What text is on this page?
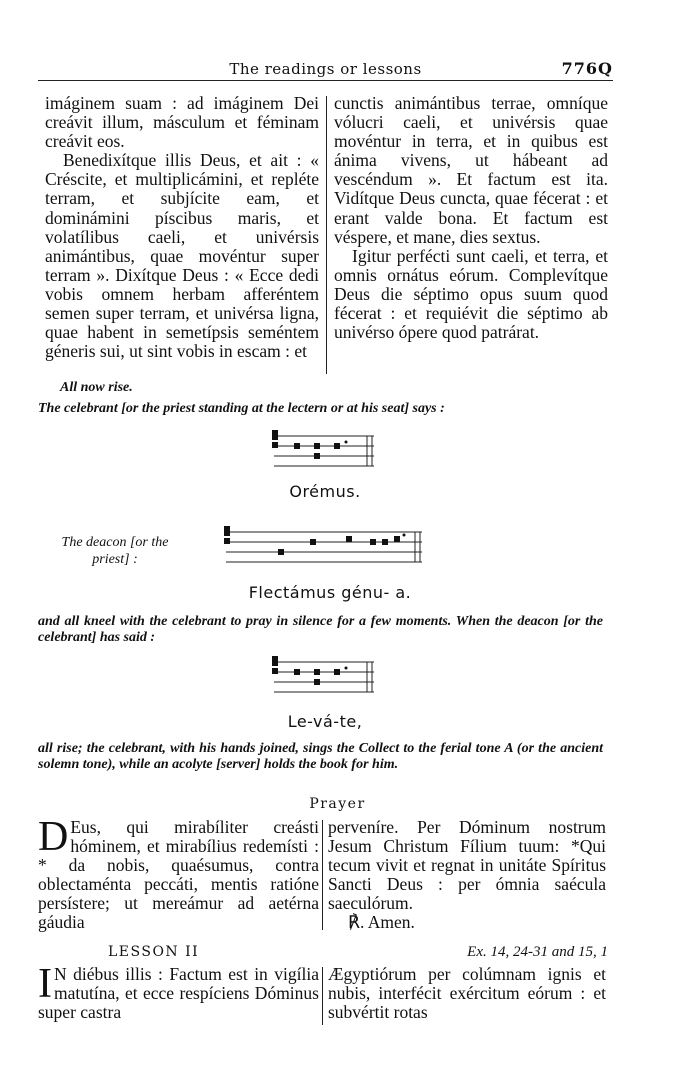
The readings or lessons	776Q

imáginem suam : ad imáginem Dei creávit illum, másculum et féminam creávit eos.

Benedixítque illis Deus, et ait : « Créscite, et multiplicámini, et repléte terram, et subjícite eam, et dominámini píscibus maris, et volatílibus caeli, et univérsis animántibus, quae movéntur super terram ». Dixítque Deus : « Ecce dedi vobis omnem herbam afferéntem semen super terram, et univérsa ligna, quae habent in semetípsis seméntem géneris sui, ut sint vobis in escam : et

cunctis animántibus terrae, omníque vólucri caeli, et univérsis quae movéntur in terra, et in quibus est ánima vivens, ut hábeant ad vescéndum ». Et factum est ita. Vidítque Deus cuncta, quae fécerat : et erant valde bona. Et factum est véspere, et mane, dies sextus.

Igitur perfécti sunt caeli, et terra, et omnis ornátus eórum. Complevítque Deus die séptimo opus suum quod fécerat : et requiévit die séptimo ab univérso ópere quod patrárat.

All now rise.
The celebrant [or the priest standing at the lectern or at his seat] says :
Orémus.
The deacon [or the priest] :
Flectámus génu- a.
and all kneel with the celebrant to pray in silence for a few moments. When the deacon [or the celebrant] has said :
Le-vá-te,
all rise; the celebrant, with his hands joined, sings the Collect to the ferial tone A (or the ancient solemn tone), while an acolyte [server] holds the book for him.
Prayer

D Eus, qui mirabíliter creásti hóminem, et mirabílius redemísti : * da nobis, quaésumus, contra oblectaménta peccáti, mentis ratióne persístere; ut mereámur ad aetérna gáudia

perveníre. Per Dóminum nostrum Jesum Christum Fílium tuum: *Qui tecum vivit et regnat in unitáte Spíritus Sancti Deus : per ómnia saécula saeculórum.

℟. Amen.

LESSON II	Ex. 14, 24-31 and 15, 1

I N diébus illis : Factum est in vigília matutína, et ecce respíciens Dóminus super castra

Ægyptiórum per colúmnam ignis et nubis, interfécit exércitum eórum : et subvértit rotas
